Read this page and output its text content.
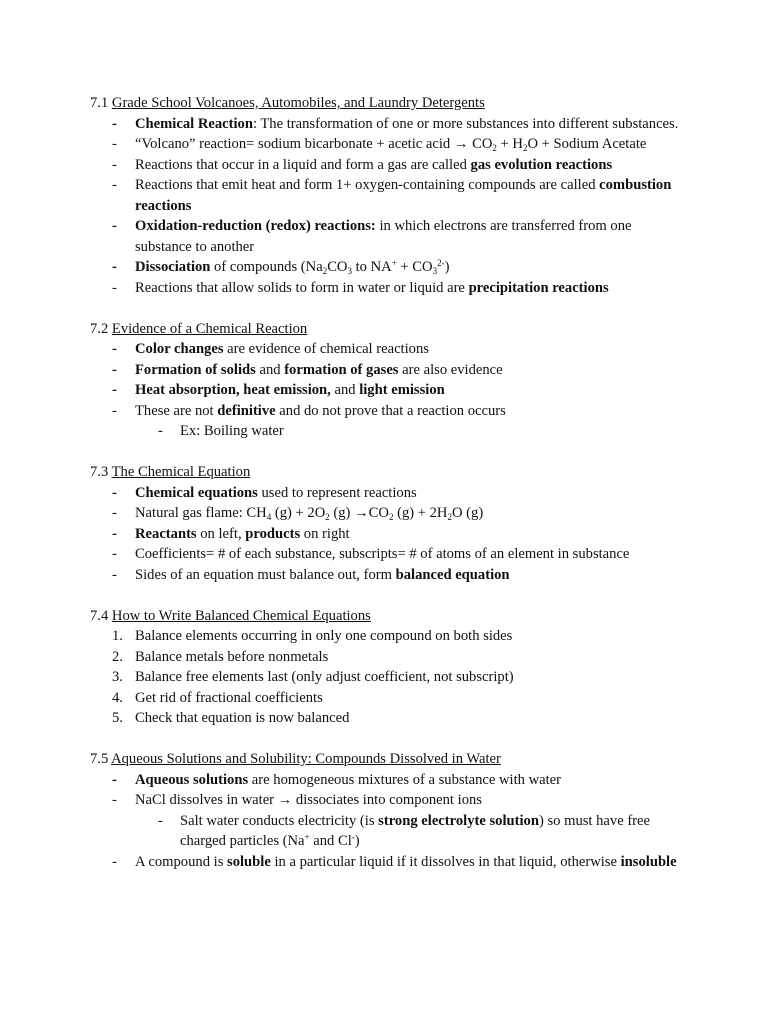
7.1 Grade School Volcanoes, Automobiles, and Laundry Detergents
- Chemical Reaction: The transformation of one or more substances into different substances.
- “Volcano” reaction= sodium bicarbonate + acetic acid → $CO_2 + H_2O$ + Sodium Acetate
- Reactions that occur in a liquid and form a gas are called gas evolution reactions
- Reactions that emit heat and form 1+ oxygen-containing compounds are called combustion reactions
- Oxidation-reduction (redox) reactions: in which electrons are transferred from one substance to another
- Dissociation of compounds ($Na_2CO_3$ to $NA^+ + CO_3^{2-}$)
- Reactions that allow solids to form in water or liquid are precipitation reactions
7.2 Evidence of a Chemical Reaction
- Color changes are evidence of chemical reactions
- Formation of solids and formation of gases are also evidence
- Heat absorption, heat emission, and light emission
- These are not definitive and do not prove that a reaction occurs
- Ex: Boiling water
7.3 The Chemical Equation
- Chemical equations used to represent reactions
- Natural gas flame: $CH_4$ $(g) + 2O_2$ $(g) \to CO_2$ $(g) + 2H_2O$ (g)
- Reactants on left, products on right
- Coefficients= # of each substance, subscripts= # of atoms of an element in substance
- Sides of an equation must balance out, form balanced equation
7.4 How to Write Balanced Chemical Equations
1. Balance elements occurring in only one compound on both sides
2. Balance metals before nonmetals
3. Balance free elements last (only adjust coefficient, not subscript)
4. Get rid of fractional coefficients
5. Check that equation is now balanced
7.5 Aqueous Solutions and Solubility: Compounds Dissolved in Water
- Aqueous solutions are homogeneous mixtures of a substance with water
- NaCl dissolves in water → dissociates into component ions
- Salt water conducts electricity (is strong electrolyte solution) so must have free charged particles (Na+ and Cl-)
- A compound is soluble in a particular liquid if it dissolves in that liquid, otherwise insoluble
